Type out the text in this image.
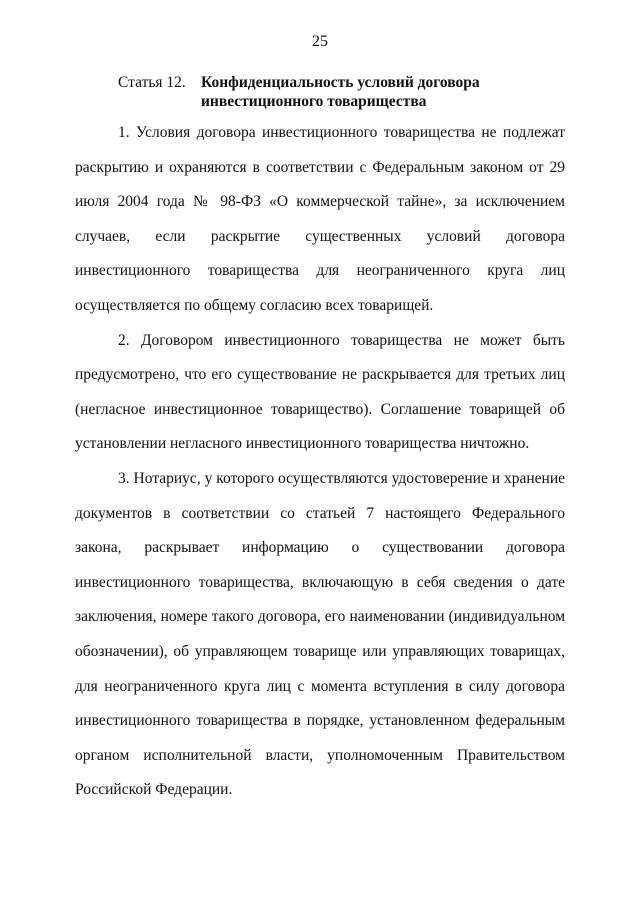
25
Статья 12. Конфиденциальность условий договора инвестиционного товарищества

1. Условия договора инвестиционного товарищества не подлежат раскрытию и охраняются в соответствии с Федеральным законом от 29 июля 2004 года № 98-ФЗ «О коммерческой тайне», за исключением случаев, если раскрытие существенных условий договора инвестиционного товарищества для неограниченного круга лиц осуществляется по общему согласию всех товарищей.

2. Договором инвестиционного товарищества не может быть предусмотрено, что его существование не раскрывается для третьих лиц (негласное инвестиционное товарищество). Соглашение товарищей об установлении негласного инвестиционного товарищества ничтожно.

3. Нотариус, у которого осуществляются удостоверение и хранение документов в соответствии со статьей 7 настоящего Федерального закона, раскрывает информацию о существовании договора инвестиционного товарищества, включающую в себя сведения о дате заключения, номере такого договора, его наименовании (индивидуальном обозначении), об управляющем товарище или управляющих товарищах, для неограниченного круга лиц с момента вступления в силу договора инвестиционного товарищества в порядке, установленном федеральным органом исполнительной власти, уполномоченным Правительством Российской Федерации.
